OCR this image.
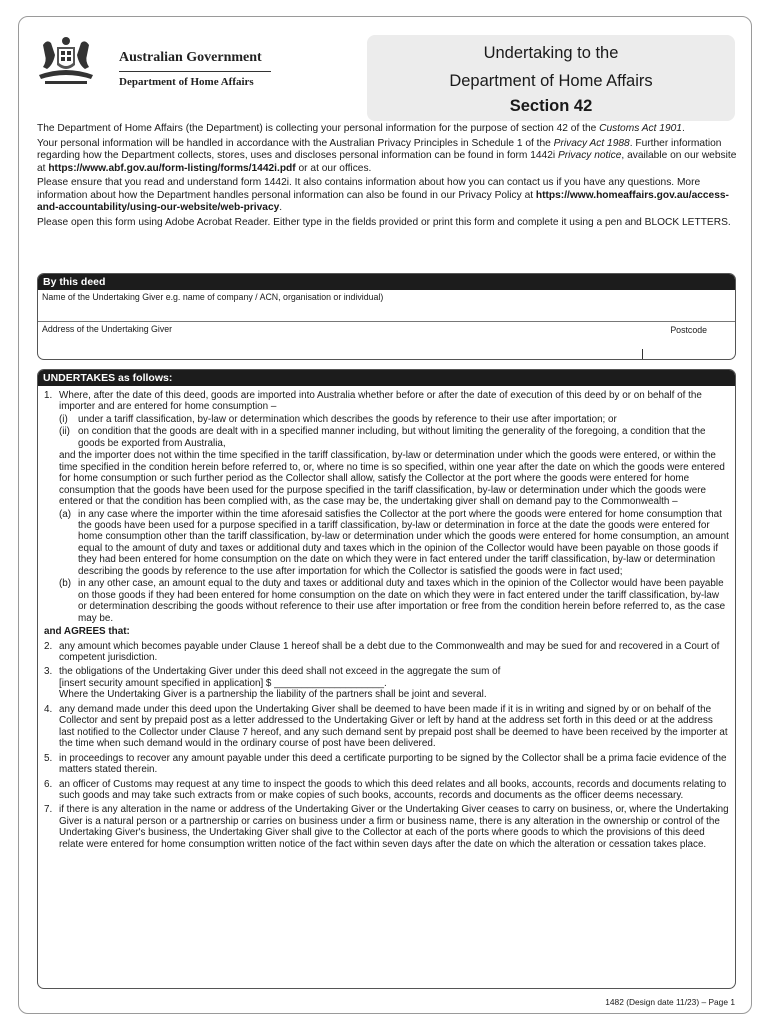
Australian Government
Department of Home Affairs
Undertaking to the
Department of Home Affairs
Section 42

The Department of Home Affairs (the Department) is collecting your personal information for the purpose of section 42 of the Customs Act 1901.

Your personal information will be handled in accordance with the Australian Privacy Principles in Schedule 1 of the Privacy Act 1988. Further information regarding how the Department collects, stores, uses and discloses personal information can be found in form 1442i Privacy notice, available on our website at https://www.abf.gov.au/form-listing/forms/1442i.pdf or at our offices.

Please ensure that you read and understand form 1442i. It also contains information about how you can contact us if you have any questions. More information about how the Department handles personal information can also be found in our Privacy Policy at https://www.homeaffairs.gov.au/access-and-accountability/using-our-website/web-privacy.

Please open this form using Adobe Acrobat Reader. Either type in the fields provided or print this form and complete it using a pen and BLOCK LETTERS.

By this deed
Name of the Undertaking Giver e.g. name of company / ACN, organisation or individual)
Address of the Undertaking Giver	Postcode
UNDERTAKES as follows:
1. Where, after the date of this deed, goods are imported into Australia whether before or after the date of execution of this deed by or on behalf of the importer and are entered for home consumption –

(i) under a tariff classification, by-law or determination which describes the goods by reference to their use after importation; or

(ii) on condition that the goods are dealt with in a specified manner including, but without limiting the generality of the foregoing, a condition that the goods be exported from Australia,

and the importer does not within the time specified in the tariff classification, by-law or determination under which the goods were entered, or within the time specified in the condition herein before referred to, or, where no time is so specified, within one year after the date on which the goods were entered for home consumption or such further period as the Collector shall allow, satisfy the Collector at the port where the goods were entered for home consumption that the goods have been used for the purpose specified in the tariff classification, by-law or determination under which the goods were entered or that the condition has been complied with, as the case may be, the undertaking giver shall on demand pay to the Commonwealth –

(a) in any case where the importer within the time aforesaid satisfies the Collector at the port where the goods were entered for home consumption that the goods have been used for a purpose specified in a tariff classification, by-law or determination in force at the date the goods were entered for home consumption other than the tariff classification, by-law or determination under which the goods were entered for home consumption, an amount equal to the amount of duty and taxes or additional duty and taxes which in the opinion of the Collector would have been payable on those goods if they had been entered for home consumption on the date on which they were in fact entered under the tariff classification, by-law or determination describing the goods by reference to the use after importation for which the Collector is satisfied the goods were in fact used;

(b) in any other case, an amount equal to the duty and taxes or additional duty and taxes which in the opinion of the Collector would have been payable on those goods if they had been entered for home consumption on the date on which they were in fact entered under the tariff classification, by-law or determination describing the goods without reference to their use after importation or free from the condition herein before referred to, as the case may be.

and AGREES that:

2. any amount which becomes payable under Clause 1 hereof shall be a debt due to the Commonwealth and may be sued for and recovered in a Court of competent jurisdiction.

3. the obligations of the Undertaking Giver under this deed shall not exceed in the aggregate the sum of

[insert security amount specified in application] $ ____________________.

Where the Undertaking Giver is a partnership the liability of the partners shall be joint and several.

4. any demand made under this deed upon the Undertaking Giver shall be deemed to have been made if it is in writing and signed by or on behalf of the Collector and sent by prepaid post as a letter addressed to the Undertaking Giver or left by hand at the address set forth in this deed or at the address last notified to the Collector under Clause 7 hereof, and any such demand sent by prepaid post shall be deemed to have been received by the importer at the time when such demand would in the ordinary course of post have been delivered.

5. in proceedings to recover any amount payable under this deed a certificate purporting to be signed by the Collector shall be a prima facie evidence of the matters stated therein.

6. an officer of Customs may request at any time to inspect the goods to which this deed relates and all books, accounts, records and documents relating to such goods and may take such extracts from or make copies of such books, accounts, records and documents as the officer deems necessary.

7. if there is any alteration in the name or address of the Undertaking Giver or the Undertaking Giver ceases to carry on business, or, where the Undertaking Giver is a natural person or a partnership or carries on business under a firm or business name, there is any alteration in the ownership or control of the Undertaking Giver's business, the Undertaking Giver shall give to the Collector at each of the ports where goods to which the provisions of this deed relate were entered for home consumption written notice of the fact within seven days after the date on which the alteration or cessation takes place.

1482 (Design date 11/23) – Page 1
